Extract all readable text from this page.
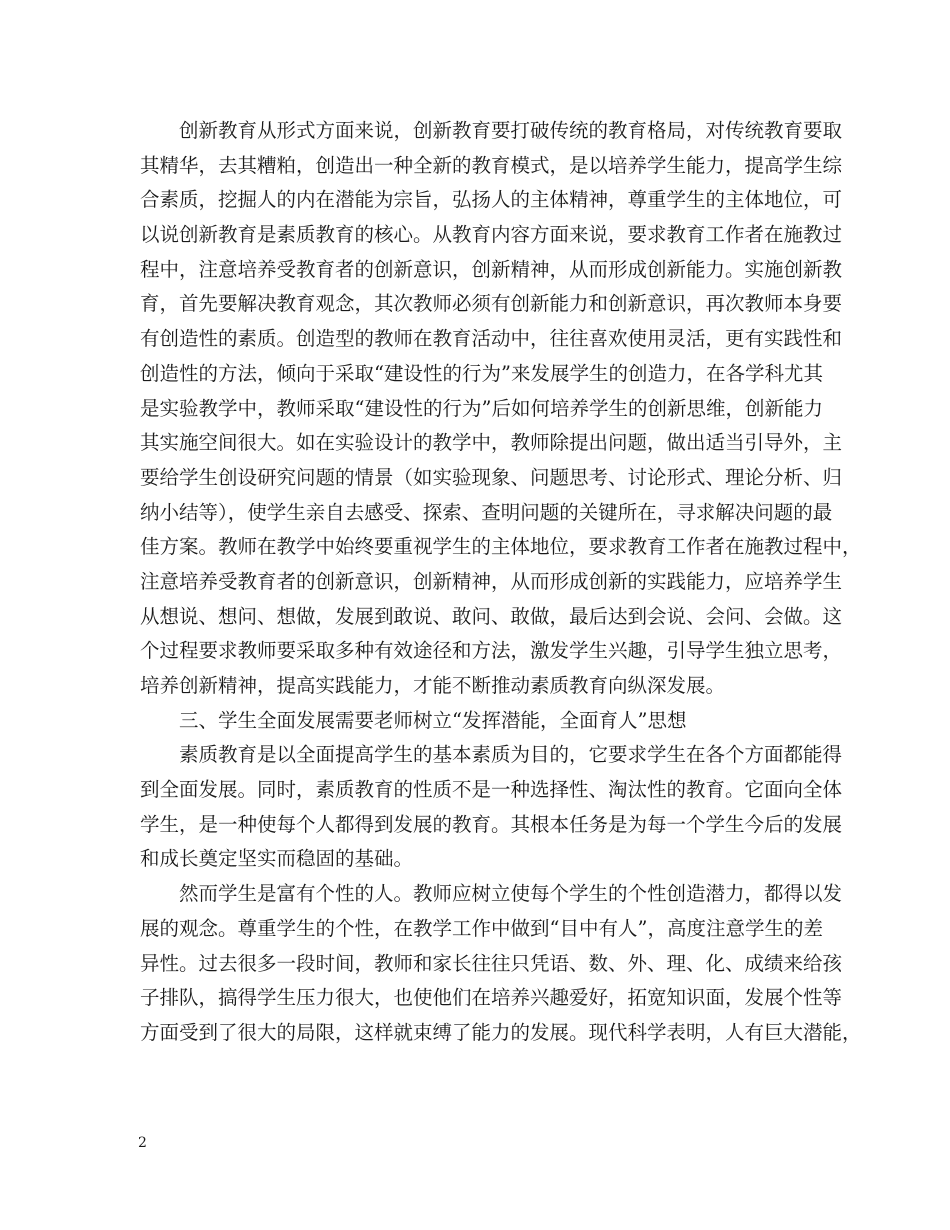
创新教育从形式方面来说，创新教育要打破传统的教育格局，对传统教育要取
其精华，去其糟粕，创造出一种全新的教育模式，是以培养学生能力，提高学生综
合素质，挖掘人的内在潜能为宗旨，弘扬人的主体精神，尊重学生的主体地位，可
以说创新教育是素质教育的核心。从教育内容方面来说，要求教育工作者在施教过
程中，注意培养受教育者的创新意识，创新精神，从而形成创新能力。实施创新教
育，首先要解决教育观念，其次教师必须有创新能力和创新意识，再次教师本身要
有创造性的素质。创造型的教师在教育活动中，往往喜欢使用灵活，更有实践性和
创造性的方法，倾向于采取“建设性的行为”来发展学生的创造力，在各学科尤其
是实验教学中，教师采取“建设性的行为”后如何培养学生的创新思维，创新能力
其实施空间很大。如在实验设计的教学中，教师除提出问题，做出适当引导外，主
要给学生创设研究问题的情景（如实验现象、问题思考、讨论形式、理论分析、归
纳小结等），使学生亲自去感受、探索、查明问题的关键所在，寻求解决问题的最
佳方案。教师在教学中始终要重视学生的主体地位，要求教育工作者在施教过程中，
注意培养受教育者的创新意识，创新精神，从而形成创新的实践能力，应培养学生
从想说、想问、想做，发展到敢说、敢问、敢做，最后达到会说、会问、会做。这
个过程要求教师要采取多种有效途径和方法，激发学生兴趣，引导学生独立思考，
培养创新精神，提高实践能力，才能不断推动素质教育向纵深发展。
三、学生全面发展需要老师树立“发挥潜能，全面育人”思想
素质教育是以全面提高学生的基本素质为目的，它要求学生在各个方面都能得
到全面发展。同时，素质教育的性质不是一种选择性、淘汰性的教育。它面向全体
学生，是一种使每个人都得到发展的教育。其根本任务是为每一个学生今后的发展
和成长奠定坚实而稳固的基础。
然而学生是富有个性的人。教师应树立使每个学生的个性创造潜力，都得以发
展的观念。尊重学生的个性，在教学工作中做到“目中有人”，高度注意学生的差
异性。过去很多一段时间，教师和家长往往只凭语、数、外、理、化、成绩来给孩
子排队，搞得学生压力很大，也使他们在培养兴趣爱好，拓宽知识面，发展个性等
方面受到了很大的局限，这样就束缚了能力的发展。现代科学表明，人有巨大潜能，
2
